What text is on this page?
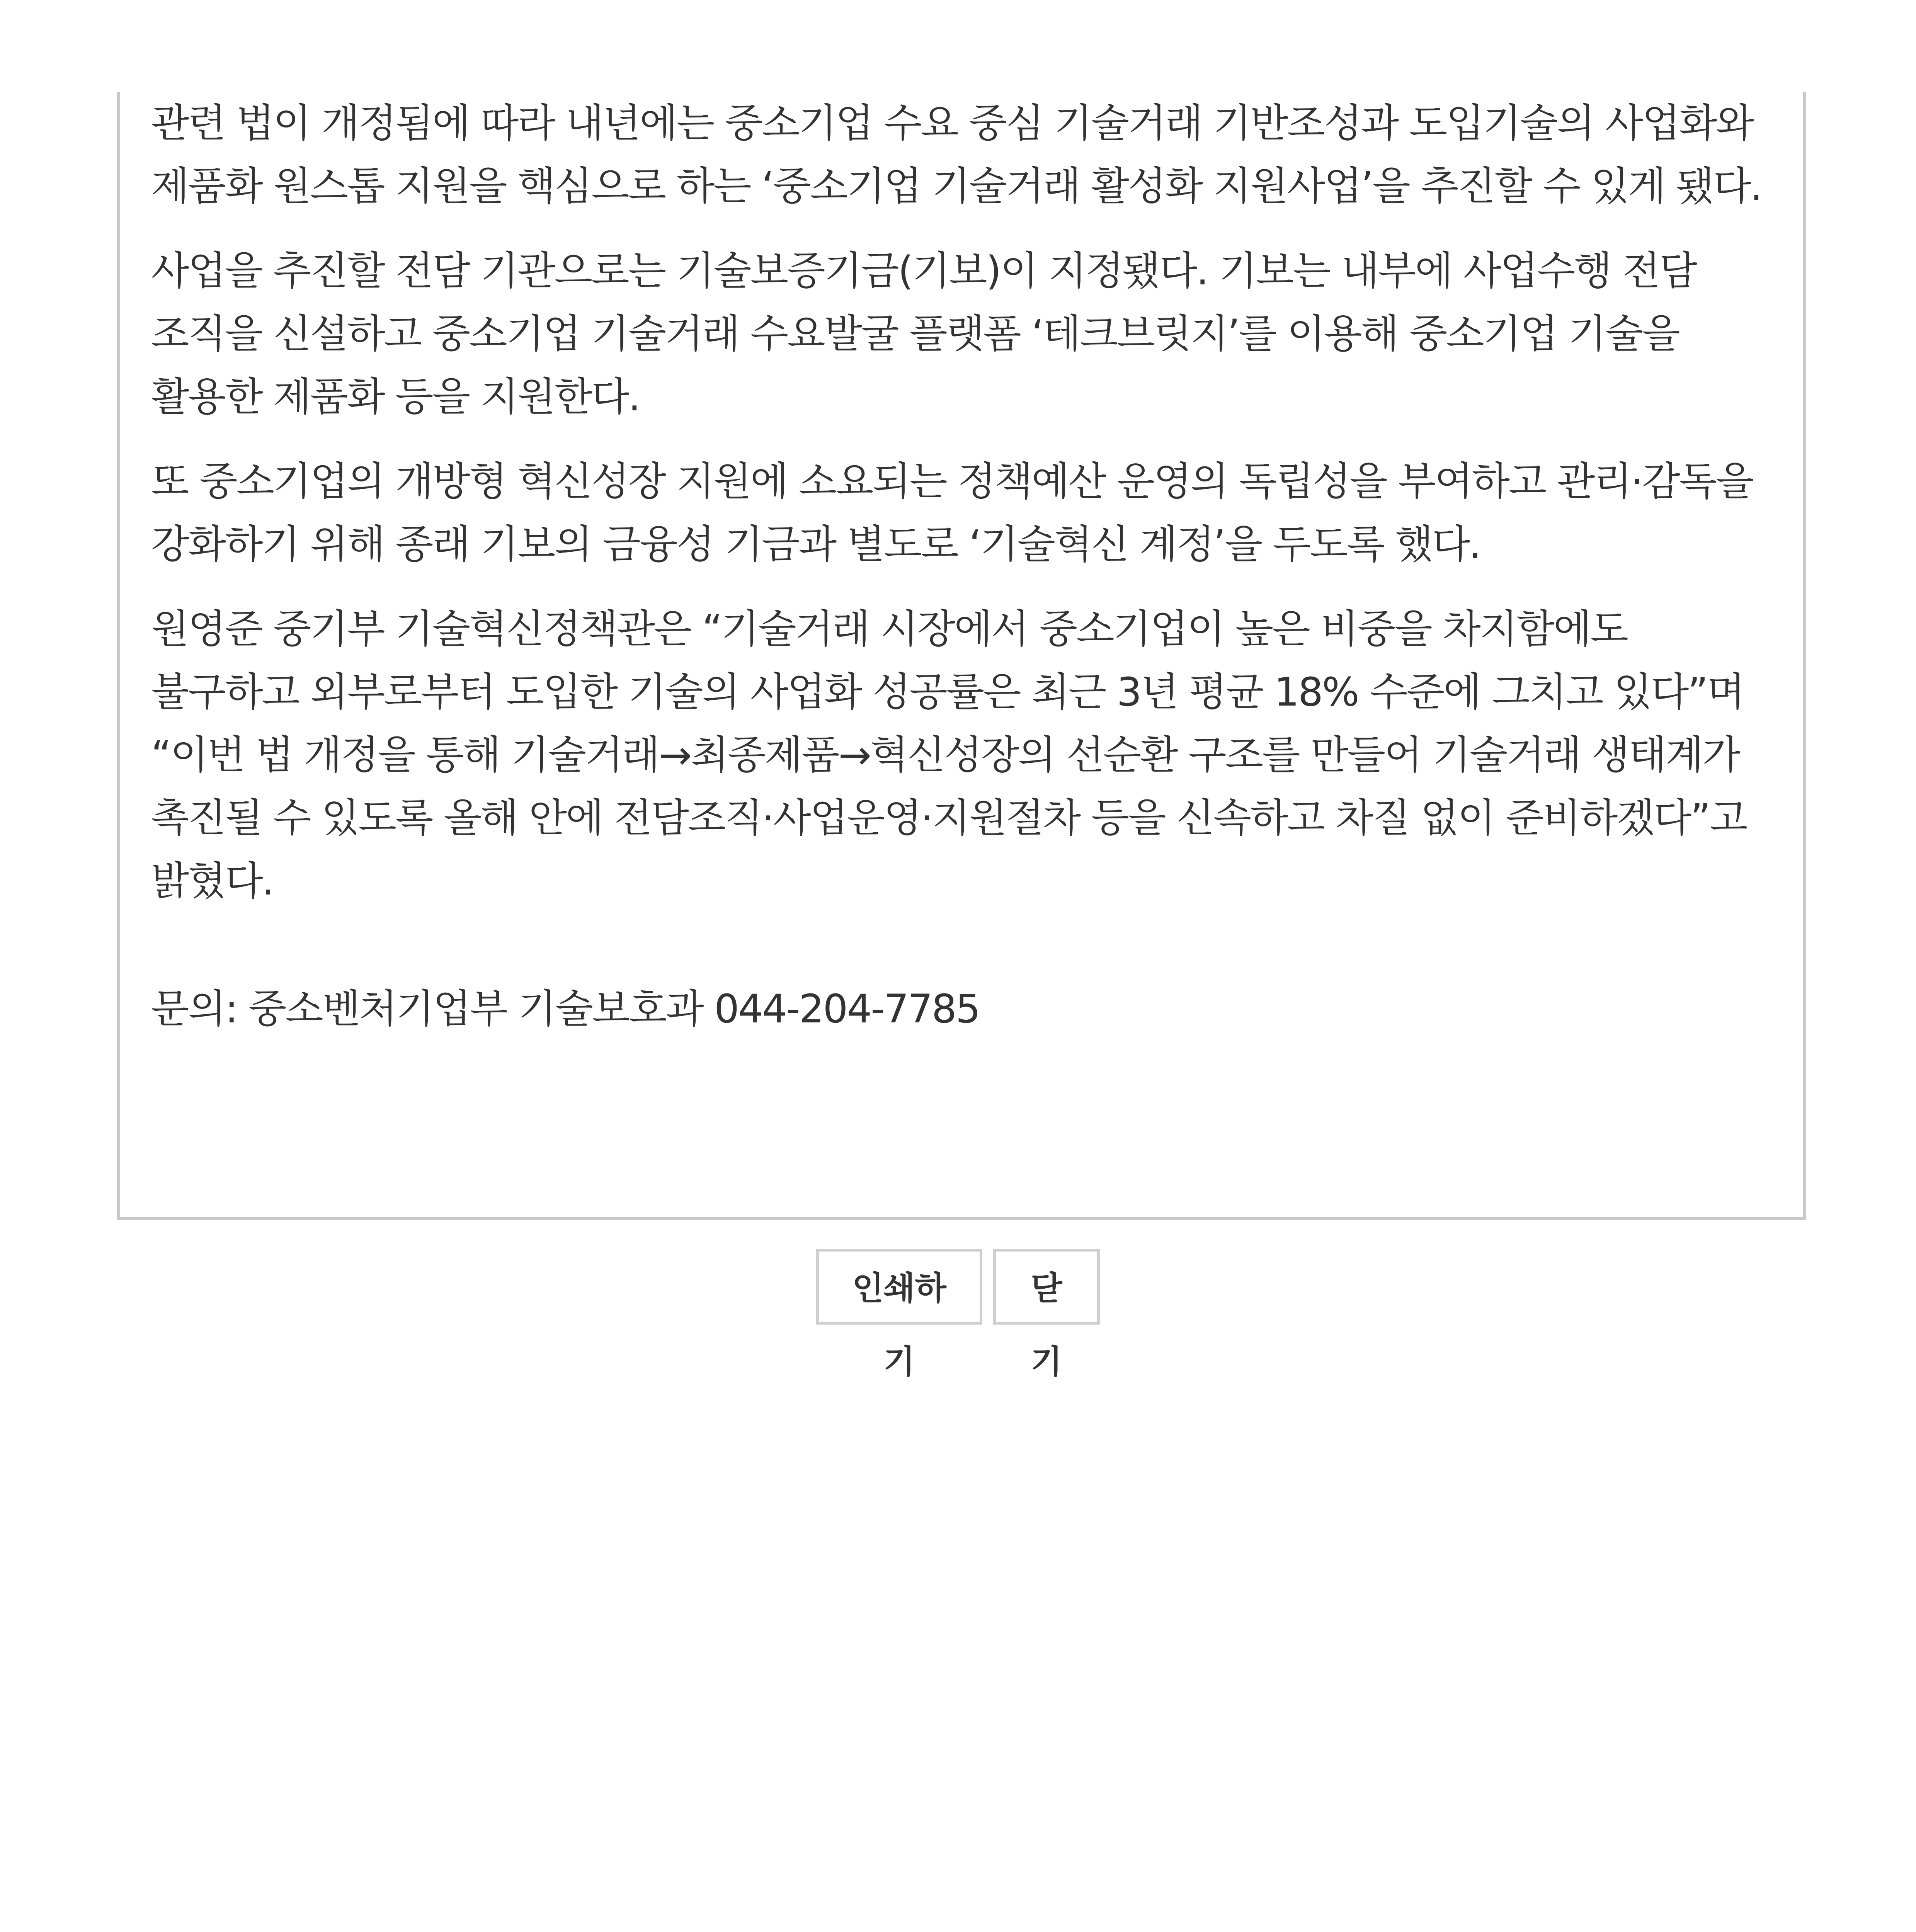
관련 법이 개정됨에 따라 내년에는 중소기업 수요 중심 기술거래 기반조성과 도입기술의 사업화와 제품화 원스톱 지원을 핵심으로 하는 ‘중소기업 기술거래 활성화 지원사업’을 추진할 수 있게 됐다.

사업을 추진할 전담 기관으로는 기술보증기금(기보)이 지정됐다. 기보는 내부에 사업수행 전담 조직을 신설하고 중소기업 기술거래 수요발굴 플랫폼 ‘테크브릿지’를 이용해 중소기업 기술을 활용한 제품화 등을 지원한다.

또 중소기업의 개방형 혁신성장 지원에 소요되는 정책예산 운영의 독립성을 부여하고 관리·감독을 강화하기 위해 종래 기보의 금융성 기금과 별도로 ‘기술혁신 계정’을 두도록 했다.

원영준 중기부 기술혁신정책관은 “기술거래 시장에서 중소기업이 높은 비중을 차지함에도 불구하고 외부로부터 도입한 기술의 사업화 성공률은 최근 3년 평균 18% 수준에 그치고 있다”며 “이번 법 개정을 통해 기술거래→최종제품→혁신성장의 선순환 구조를 만들어 기술거래 생태계가 촉진될 수 있도록 올해 안에 전담조직·사업운영·지원절차 등을 신속하고 차질 없이 준비하겠다”고 밝혔다.

문의: 중소벤처기업부 기술보호과 044-204-7785

인쇄하기 닫기
